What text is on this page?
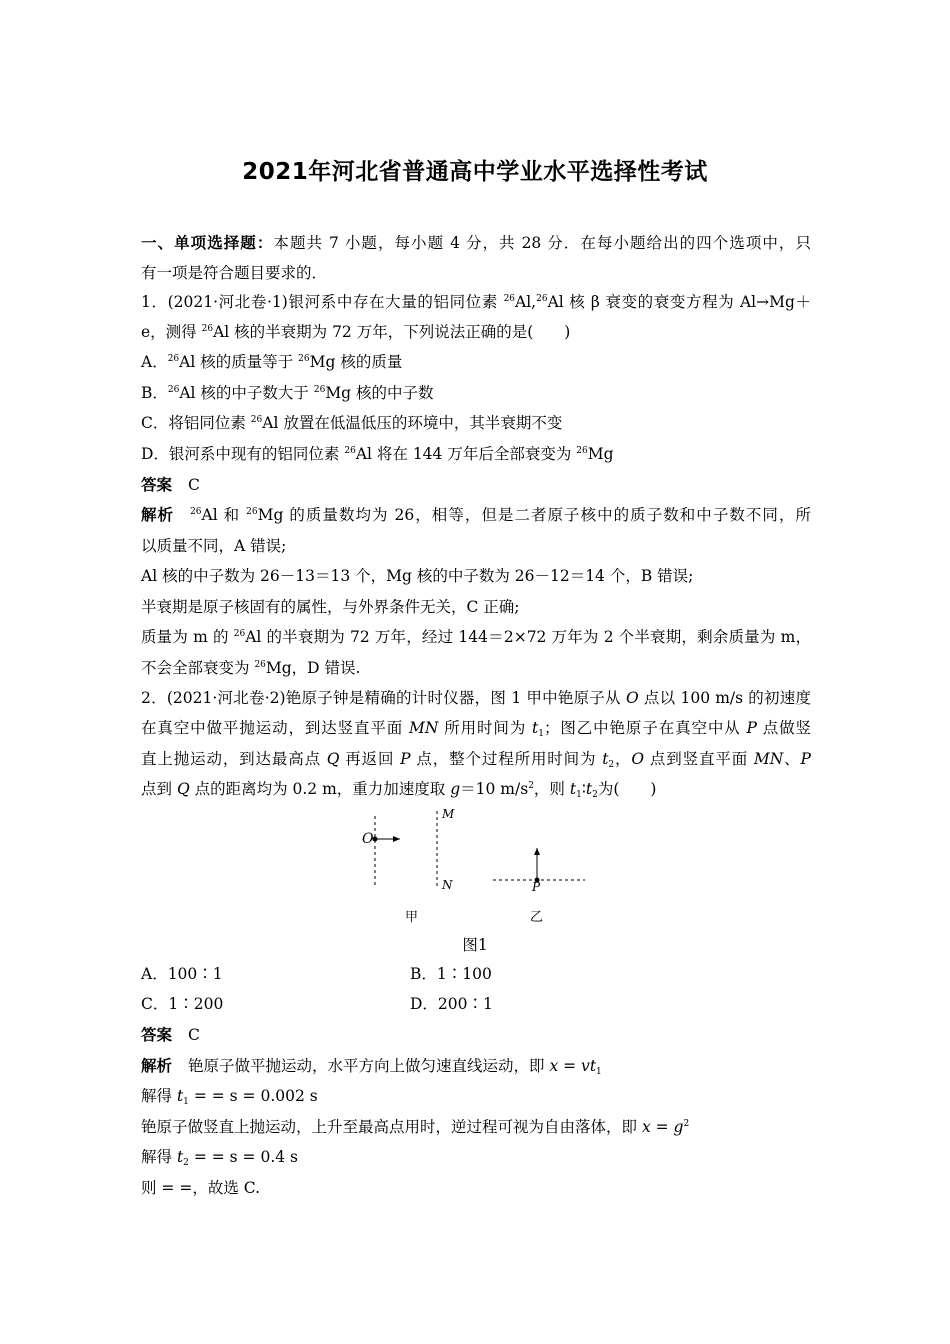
2021年河北省普通高中学业水平选择性考试
一、单项选择题：本题共 7 小题，每小题 4 分，共 28 分．在每小题给出的四个选项中，只
有一项是符合题目要求的．
1．(2021·河北卷·1)银河系中存在大量的铝同位素 $^{26}$Al,$^{26}$Al 核 β 衰变的衰变方程为 Al→Mg＋
e，测得 $^{26}$Al 核的半衰期为 72 万年，下列说法正确的是(　　)
A．$^{26}$Al 核的质量等于 $^{26}$Mg 核的质量
B．$^{26}$Al 核的中子数大于 $^{26}$Mg 核的中子数
C．将铝同位素 $^{26}$Al 放置在低温低压的环境中，其半衰期不变
D．银河系中现有的铝同位素 $^{26}$Al 将在 144 万年后全部衰变为 $^{26}$Mg
答案 C
解析 $^{26}$Al 和 $^{26}$Mg 的质量数均为 26，相等，但是二者原子核中的质子数和中子数不同，所
以质量不同，A 错误;
Al 核的中子数为 26－13＝13 个，Mg 核的中子数为 26－12＝14 个，B 错误;
半衰期是原子核固有的属性，与外界条件无关，C 正确;
质量为 m 的 $^{26}$Al 的半衰期为 72 万年，经过 144＝2×72 万年为 2 个半衰期，剩余质量为 m，
不会全部衰变为 $^{26}$Mg，D 错误.
2．(2021·河北卷·2)铯原子钟是精确的计时仪器，图 1 甲中铯原子从 O 点以 100 m/s 的初速度
在真空中做平抛运动，到达竖直平面 MN 所用时间为 $t_1$；图乙中铯原子在真空中从 P 点做竖
直上抛运动，到达最高点 Q 再返回 P 点，整个过程所用时间为 $t_2$，O 点到竖直平面 MN、P
点到 Q 点的距离均为 0.2 m，重力加速度取 g＝10 $m/s^2$，则 $t_1∶t_2$为(　　)
O
M
N	P
甲	乙
图1
A．100∶1	B．1∶100
C．1∶200	D．200∶1
答案 C
解析 铯原子做平抛运动，水平方向上做匀速直线运动，即 $x = vt_1$
解得 $t_1$ = = s = 0.002 s
铯原子做竖直上抛运动，上升至最高点用时，逆过程可视为自由落体，即 $x = g^2$
解得 $t_2$ = = s = 0.4 s
则 = =，故选 C.
